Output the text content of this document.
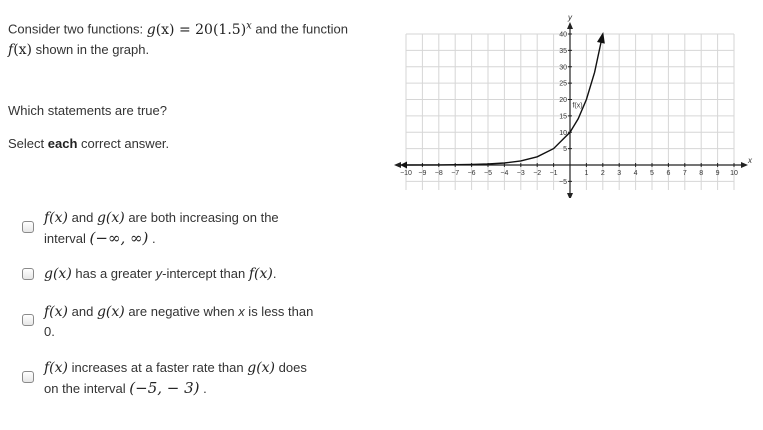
Consider two functions: $g(x) = 20(1.5)^x$ and the function f(x) shown in the graph.
Which statements are true?
Select each correct answer.
f(x) and g(x) are both increasing on the interval (−∞, ∞) .
g(x) has a greater y-intercept than f(x).
f(x) and g(x) are negative when x is less than 0.
f(x) increases at a faster rate than g(x) does on the interval (−5, − 3) .
x
y
−10 −9 −8 −7 −6 −5 −4 −3 −2 −1	1 2 3 4 5 6 7 8 9 10
−5
5
10
15
20
25
30
35
40
f(x)
